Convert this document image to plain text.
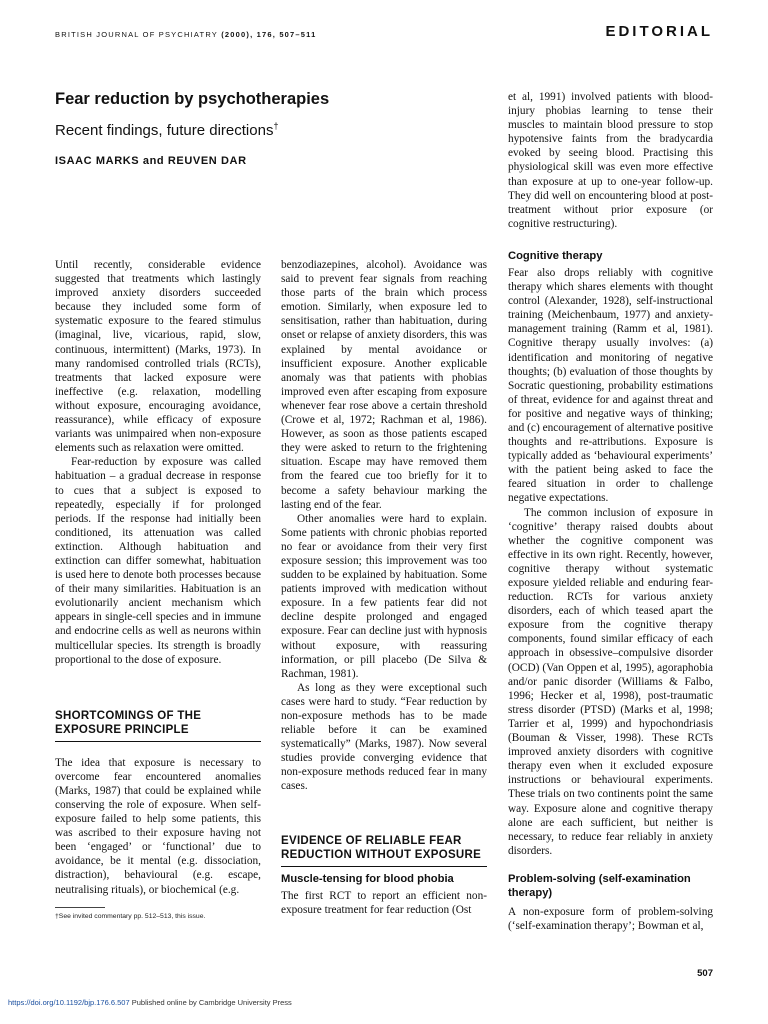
BRITISH JOURNAL OF PSYCHIATRY (2000), 176, 507–511	EDITORIAL
Fear reduction by psychotherapies
Recent findings, future directions†
ISAAC MARKS and REUVEN DAR

Until recently, considerable evidence suggested that treatments which lastingly improved anxiety disorders succeeded because they included some form of systematic exposure to the feared stimulus (imaginal, live, vicarious, rapid, slow, continuous, intermittent) (Marks, 1973). In many randomised controlled trials (RCTs), treatments that lacked exposure were ineffective (e.g. relaxation, modelling without exposure, encouraging avoidance, reassurance), while efficacy of exposure variants was unimpaired when non-exposure elements such as relaxation were omitted.

Fear-reduction by exposure was called habituation – a gradual decrease in response to cues that a subject is exposed to repeatedly, especially if for prolonged periods. If the response had initially been conditioned, its attenuation was called extinction. Although habituation and extinction can differ somewhat, habituation is used here to denote both processes because of their many similarities. Habituation is an evolutionarily ancient mechanism which appears in single-cell species and in immune and endocrine cells as well as neurons within multicellular species. Its strength is broadly proportional to the dose of exposure.

SHORTCOMINGS OF THE EXPOSURE PRINCIPLE

The idea that exposure is necessary to overcome fear encountered anomalies (Marks, 1987) that could be explained while conserving the role of exposure. When self-exposure failed to help some patients, this was ascribed to their exposure having not been ‘engaged’ or ‘functional’ due to avoidance, be it mental (e.g. dissociation, distraction), behavioural (e.g. escape, neutralising rituals), or biochemical (e.g.

benzodiazepines, alcohol). Avoidance was said to prevent fear signals from reaching those parts of the brain which process emotion. Similarly, when exposure led to sensitisation, rather than habituation, during onset or relapse of anxiety disorders, this was explained by mental avoidance or insufficient exposure. Another explicable anomaly was that patients with phobias improved even after escaping from exposure whenever fear rose above a certain threshold (Crowe et al, 1972; Rachman et al, 1986). However, as soon as those patients escaped they were asked to return to the frightening situation. Escape may have removed them from the feared cue too briefly for it to become a safety behaviour marking the lasting end of the fear.

Other anomalies were hard to explain. Some patients with chronic phobias reported no fear or avoidance from their very first exposure session; this improvement was too sudden to be explained by habituation. Some patients improved with medication without exposure. In a few patients fear did not decline despite prolonged and engaged exposure. Fear can decline just with hypnosis without exposure, with reassuring information, or pill placebo (De Silva & Rachman, 1981).

As long as they were exceptional such cases were hard to study. “Fear reduction by non-exposure methods has to be made reliable before it can be examined systematically” (Marks, 1987). Now several studies provide converging evidence that non-exposure methods reduced fear in many cases.

EVIDENCE OF RELIABLE FEAR REDUCTION WITHOUT EXPOSURE
Muscle-tensing for blood phobia

The first RCT to report an efficient non-exposure treatment for fear reduction (Ost

et al, 1991) involved patients with blood-injury phobias learning to tense their muscles to maintain blood pressure to stop hypotensive faints from the bradycardia evoked by seeing blood. Practising this physiological skill was even more effective than exposure at up to one-year follow-up. They did well on encountering blood at post-treatment without prior exposure (or cognitive restructuring).

Cognitive therapy

Fear also drops reliably with cognitive therapy which shares elements with thought control (Alexander, 1928), self-instructional training (Meichenbaum, 1977) and anxiety-management training (Ramm et al, 1981). Cognitive therapy usually involves: (a) identification and monitoring of negative thoughts; (b) evaluation of those thoughts by Socratic questioning, probability estimations of threat, evidence for and against threat and for positive and negative ways of thinking; and (c) encouragement of alternative positive thoughts and re-attributions. Exposure is typically added as ‘behavioural experiments’ with the patient being asked to face the feared situation in order to challenge negative expectations.

The common inclusion of exposure in ‘cognitive’ therapy raised doubts about whether the cognitive component was effective in its own right. Recently, however, cognitive therapy without systematic exposure yielded reliable and enduring fear-reduction. RCTs for various anxiety disorders, each of which teased apart the exposure from the cognitive therapy components, found similar efficacy of each approach in obsessive–compulsive disorder (OCD) (Van Oppen et al, 1995), agoraphobia and/or panic disorder (Williams & Falbo, 1996; Hecker et al, 1998), post-traumatic stress disorder (PTSD) (Marks et al, 1998; Tarrier et al, 1999) and hypochondriasis (Bouman & Visser, 1998). These RCTs improved anxiety disorders with cognitive therapy even when it excluded exposure instructions or behavioural experiments. These trials on two continents point the same way. Exposure alone and cognitive therapy alone are each sufficient, but neither is necessary, to reduce fear reliably in anxiety disorders.

Problem-solving (self-examination therapy)

A non-exposure form of problem-solving (‘self-examination therapy’; Bowman et al,

†See invited commentary pp. 512–513, this issue.
507
https://doi.org/10.1192/bjp.176.6.507 Published online by Cambridge University Press
